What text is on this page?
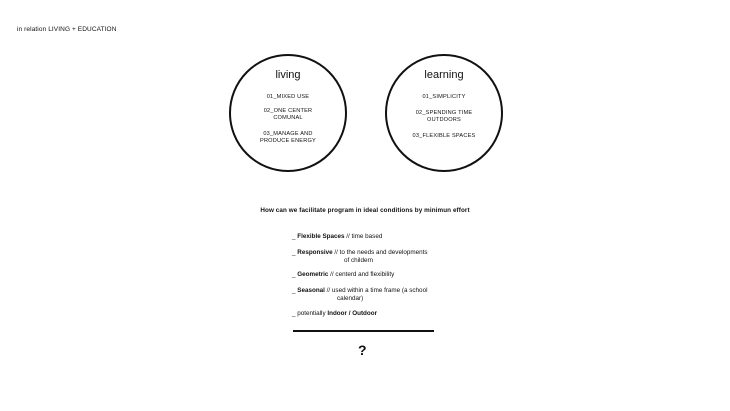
in relation LIVING + EDUCATION
living
01_MIXED USE
02_ONE CENTER
COMUNAL
03_MANAGE AND
PRODUCE ENERGY
learning
01_SIMPLICITY
02_SPENDING TIME
OUTDOORS
03_FLEXIBLE SPACES
How can we facilitate program in ideal conditions by minimun effort
_ Flexible Spaces // time based
_ Responsive // to the needs and developments
of childern
_ Geometric // centerd and flexibility
_ Seasonal // used within a time frame (a school
calendar)
_ potentially Indoor / Outdoor
?
